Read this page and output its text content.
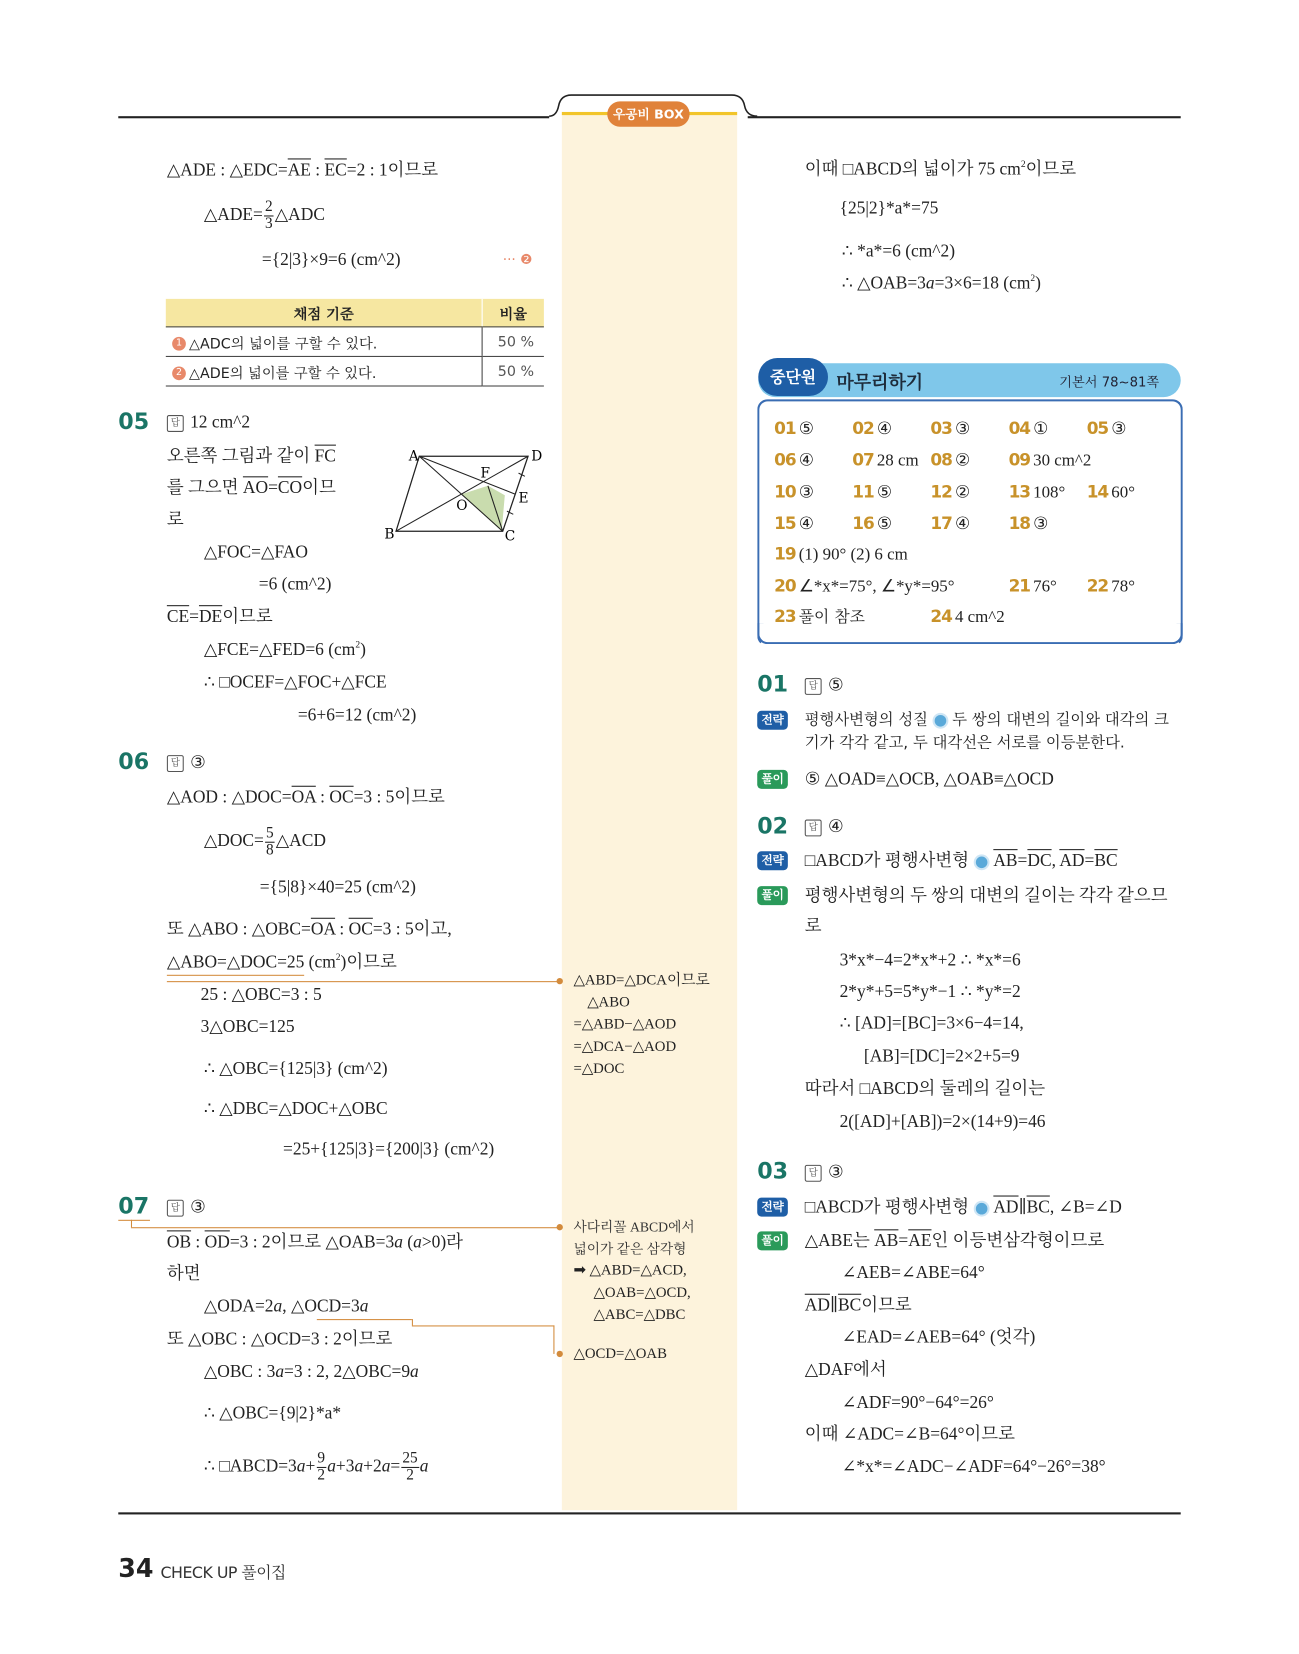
우공비 BOX
△ADE : $\triangle EDC=\overline{AE}$ : $\overline{EC}=2$ : 1이므로
△ADE= $\frac{2}{3}$ △ADC
={2|3}×9=6 (cm^2)	··· ❷
채점 기준	비율
1 △ADC의 넓이를 구할 수 있다.	50 %
2 △ADE의 넓이를 구할 수 있다.	50 %
05	답 12 cm^2
오른쪽 그림과 같이 $\overline{FC}$
를 그으면 $\overline{AO}=\overline{CO}$이므
로
△FOC=△FAO
=6 (cm^2)
$\overline{CE}=\overline{DE}$이므로
△FCE=△FED=6 $(cm^2)$
∴ □OCEF=△FOC+△FCE
=6+6=12 (cm^2)
A	D
F
E
O
B	C
06	답 ③
△AOD : $\triangle DOC=\overline{OA}$ : $\overline{OC}=3$ : 5이므로
△DOC= $\frac{5}{8}$ △ACD
={5|8}×40=25 (cm^2)
또 △ABO : $\triangle OBC=\overline{OA}$ : $\overline{OC}=3$ : 5이고,
△ABO=△DOC=25 $(cm^2)$이므로
25 : △OBC=3 : 5
3△OBC=125
∴ △OBC={125|3} (cm^2)
∴ △DBC=△DOC+△OBC
=25+{125|3}={200|3} (cm^2)
07	답 ③
$\overline{OB}$ : $\overline{OD}=3$ : 2이므로 △OAB=3a (a>0)라
하면
△ODA=2a, △OCD=3a
또 △OBC : △OCD=3 : 2이므로
△OBC : 3a=3 : 2, 2△OBC=9a
∴ △OBC={9|2}*a*
∴ □ABCD=3a+ $\frac{9}{2} a+3a+2a= \frac{25}{2}$ a
△ABD=△DCA이므로
△ABO
=△ABD−△AOD
=△DCA−△AOD
=△DOC
사다리꼴 ABCD에서
넓이가 같은 삼각형
➡ △ABD=△ACD,
△OAB=△OCD,
△ABC=△DBC
△OCD=△OAB
이때 □ABCD의 넓이가 75 $cm^2$이므로
{25|2}*a*=75
∴ *a*=6 (cm^2)
∴ △OAB=3a=3×6=18 $(cm^2)$
중단원	마무리하기	기본서 78~81쪽
01 ⑤ 02 ④ 03 ③ 04 ① 05 ③
06 ④ 07 28 cm 08 ② 09 30 cm^2
10 ③ 11 ⑤ 12 ② 13 108° 14 60°
15 ④ 16 ⑤ 17 ④ 18 ③
19 (1) 90° (2) 6 cm
20 ∠*x*=75°, ∠*y*=95°	21 76° 22 78°
23 풀이 참조	24 4 cm^2
01	답 ⑤
전략 평행사변형의 성질 두 쌍의 대변의 길이와 대각의 크
기가 각각 같고, 두 대각선은 서로를 이등분한다.
풀이 ⑤ △OAD≡△OCB, △OAB≡△OCD
02	답 ④
전략 □ABCD가 평행사변형 $\overline{AB}=\overline{DC}$, $\overline{AD}=\overline{BC}$
풀이 평행사변형의 두 쌍의 대변의 길이는 각각 같으므
로
3*x*−4=2*x*+2 ∴ *x*=6
2*y*+5=5*y*−1 ∴ *y*=2
∴ [AD]=[BC]=3×6−4=14,
[AB]=[DC]=2×2+5=9
따라서 □ABCD의 둘레의 길이는
2([AD]+[AB])=2×(14+9)=46
03	답 ③
전략 □ABCD가 평행사변형 $\overline{AD}\parallel\overline{BC}$, ∠B=∠D
풀이 △ABE는 $\overline{AB}=\overline{AE}$인 이등변삼각형이므로
∠AEB=∠ABE=64°
$\overline{AD}\parallel\overline{BC}$이므로
∠EAD=∠AEB=64° (엇각)
△DAF에서
∠ADF=90°−64°=26°
이때 ∠ADC=∠B=64°이므로
∠*x*=∠ADC−∠ADF=64°−26°=38°
34 CHECK UP 풀이집
